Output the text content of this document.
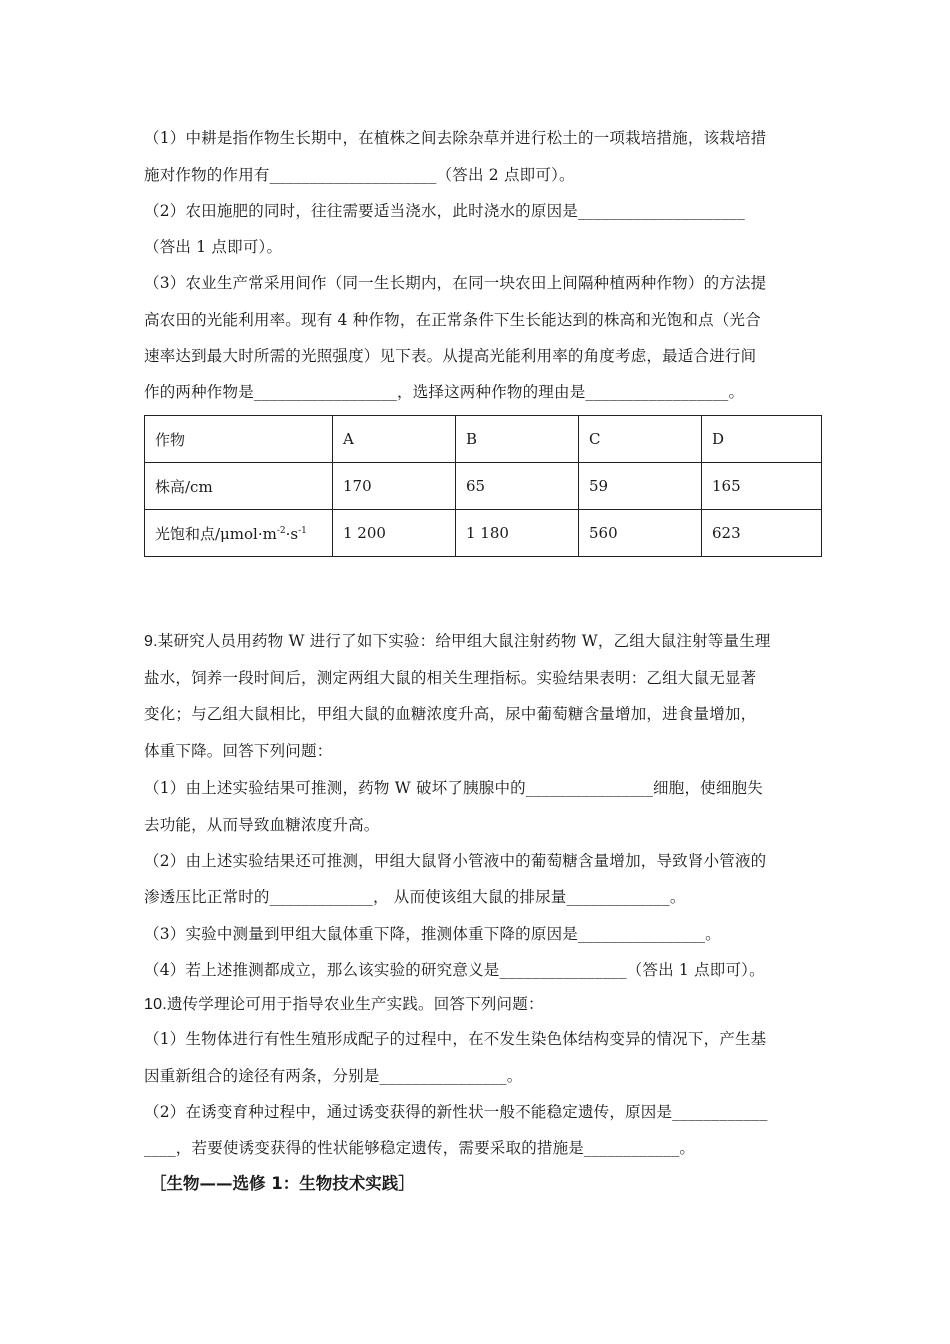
（1）中耕是指作物生长期中，在植株之间去除杂草并进行松土的一项栽培措施，该栽培措
施对作物的作用有_____________________（答出 2 点即可）。
（2）农田施肥的同时，往往需要适当浇水，此时浇水的原因是_____________________
（答出 1 点即可）。
（3）农业生产常采用间作（同一生长期内，在同一块农田上间隔种植两种作物）的方法提
高农田的光能利用率。现有 4 种作物，在正常条件下生长能达到的株高和光饱和点（光合
速率达到最大时所需的光照强度）见下表。从提高光能利用率的角度考虑，最适合进行间
作的两种作物是__________________，选择这两种作物的理由是__________________。
作物	A	B	C	D
株高/cm	170	65	59	165
光饱和点$/\mu mol\cdot m^{-2}\cdot s^{-1}$	1 200	1 180	560	623
9.某研究人员用药物 W 进行了如下实验：给甲组大鼠注射药物 W，乙组大鼠注射等量生理
盐水，饲养一段时间后，测定两组大鼠的相关生理指标。实验结果表明：乙组大鼠无显著
变化；与乙组大鼠相比，甲组大鼠的血糖浓度升高，尿中葡萄糖含量增加，进食量增加，
体重下降。回答下列问题：
（1）由上述实验结果可推测，药物 W 破坏了胰腺中的________________细胞，使细胞失
去功能，从而导致血糖浓度升高。
（2）由上述实验结果还可推测，甲组大鼠肾小管液中的葡萄糖含量增加，导致肾小管液的
渗透压比正常时的_____________， 从而使该组大鼠的排尿量_____________。
（3）实验中测量到甲组大鼠体重下降，推测体重下降的原因是________________。
（4）若上述推测都成立，那么该实验的研究意义是________________（答出 1 点即可）。
10.遗传学理论可用于指导农业生产实践。回答下列问题：
（1）生物体进行有性生殖形成配子的过程中，在不发生染色体结构变异的情况下，产生基
因重新组合的途径有两条，分别是________________。
（2）在诱变育种过程中，通过诱变获得的新性状一般不能稳定遗传，原因是____________
____，若要使诱变获得的性状能够稳定遗传，需要采取的措施是____________。
［生物——选修 1：生物技术实践］
